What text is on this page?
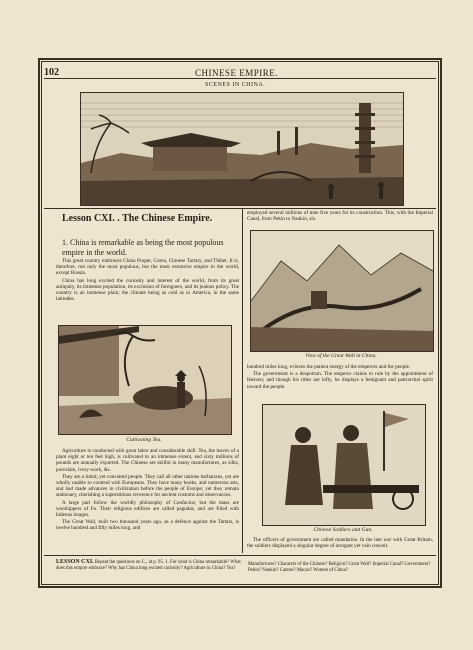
102	CHINESE EMPIRE.
SCENES IN CHINA.
Lesson CXI. . The Chinese Empire.
1. China is remarkable as being the most populous empire in the world.

This great country embraces China Proper, Corea, Chinese Tartary, and Thibet. It is, therefore, not only the most populous, but the most extensive empire in the world, except Russia.

China has long excited the curiosity and interest of the world, from its great antiquity, its immense population, its exclusion of foreigners, and its jealous policy. The country is an immense plain; the climate being as cold as in America, in the same latitudes.

Cultivating Tea.

Agriculture is conducted with great labor and considerable skill. Tea, the leaves of a plant eight or ten feet high, is cultivated to an immense extent, and sixty millions of pounds are annually exported. The Chinese are skilful in many manufactures, as silks, porcelain, ivory-work, &c.

They are a timid, yet conceited people. They call all other nations barbarians, yet are wholly unable to contend with Europeans. They have many books, and numerous arts, and had made advances in civilization before the people of Europe; yet they remain stationary, cherishing a superstitious reverence for ancient customs and observances.

A large part follow the worldly philosophy of Confucius; but the mass are worshippers of Fo. Their religious edifices are called pagodas, and are filled with hideous images.

The Great Wall, built two thousand years ago, as a defence against the Tartars, is twelve hundred and fifty miles long, and

employed several millions of men five years for its construction. This, with the Imperial Canal, from Pekin to Nankin, six

View of the Great Wall in China.

hundred miles long, evinces the patient energy of the emperors and the people.

The government is a despotism. The emperor claims to rule by the appointment of Heaven; and though his titles are lofty, he displays a benignant and patriarchal spirit toward the people.

Chinese Soldiers and Gun.

The officers of government are called mandarins. In the late war with Great Britain, the soldiers displayed a singular degree of arrogant yet vain conceit.

LESSON CXI. Repeat the questions on C., at p. 95. 1. For what is China remarkable? What does this empire embrace? Why has China long excited curiosity? Agriculture in China? Tea?
Manufactures? Character of the Chinese? Religion? Great Wall? Imperial Canal? Government? Pekin? Nankin? Canton? Macao? Women of China?
